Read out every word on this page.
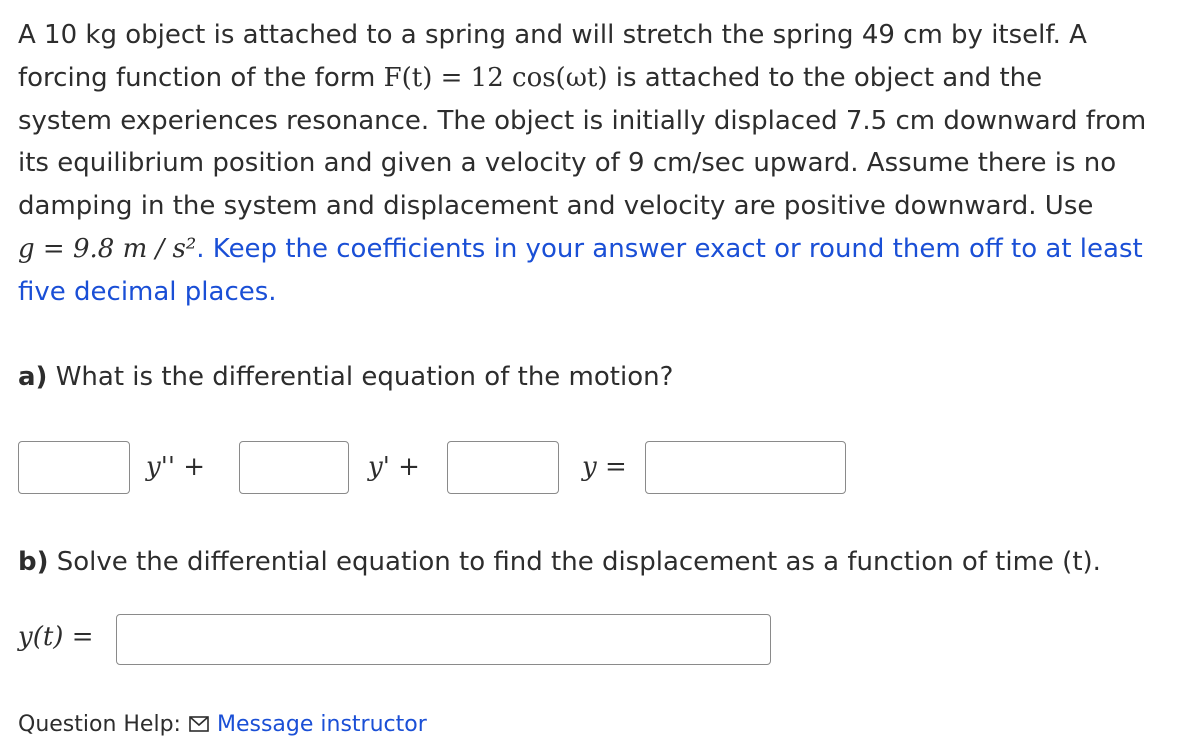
A 10 kg object is attached to a spring and will stretch the spring 49 cm by itself. A
forcing function of the form F(t) = 12 cos(ωt) is attached to the object and the
system experiences resonance. The object is initially displaced 7.5 cm downward from
its equilibrium position and given a velocity of 9 cm/sec upward. Assume there is no
damping in the system and displacement and velocity are positive downward. Use
g = 9.8 m / s². Keep the coefficients in your answer exact or round them off to at least
five decimal places.
a) What is the differential equation of the motion?
y'' +	y' +	y =
b) Solve the differential equation to find the displacement as a function of time (t).
y(t) =
Question Help: Message instructor
